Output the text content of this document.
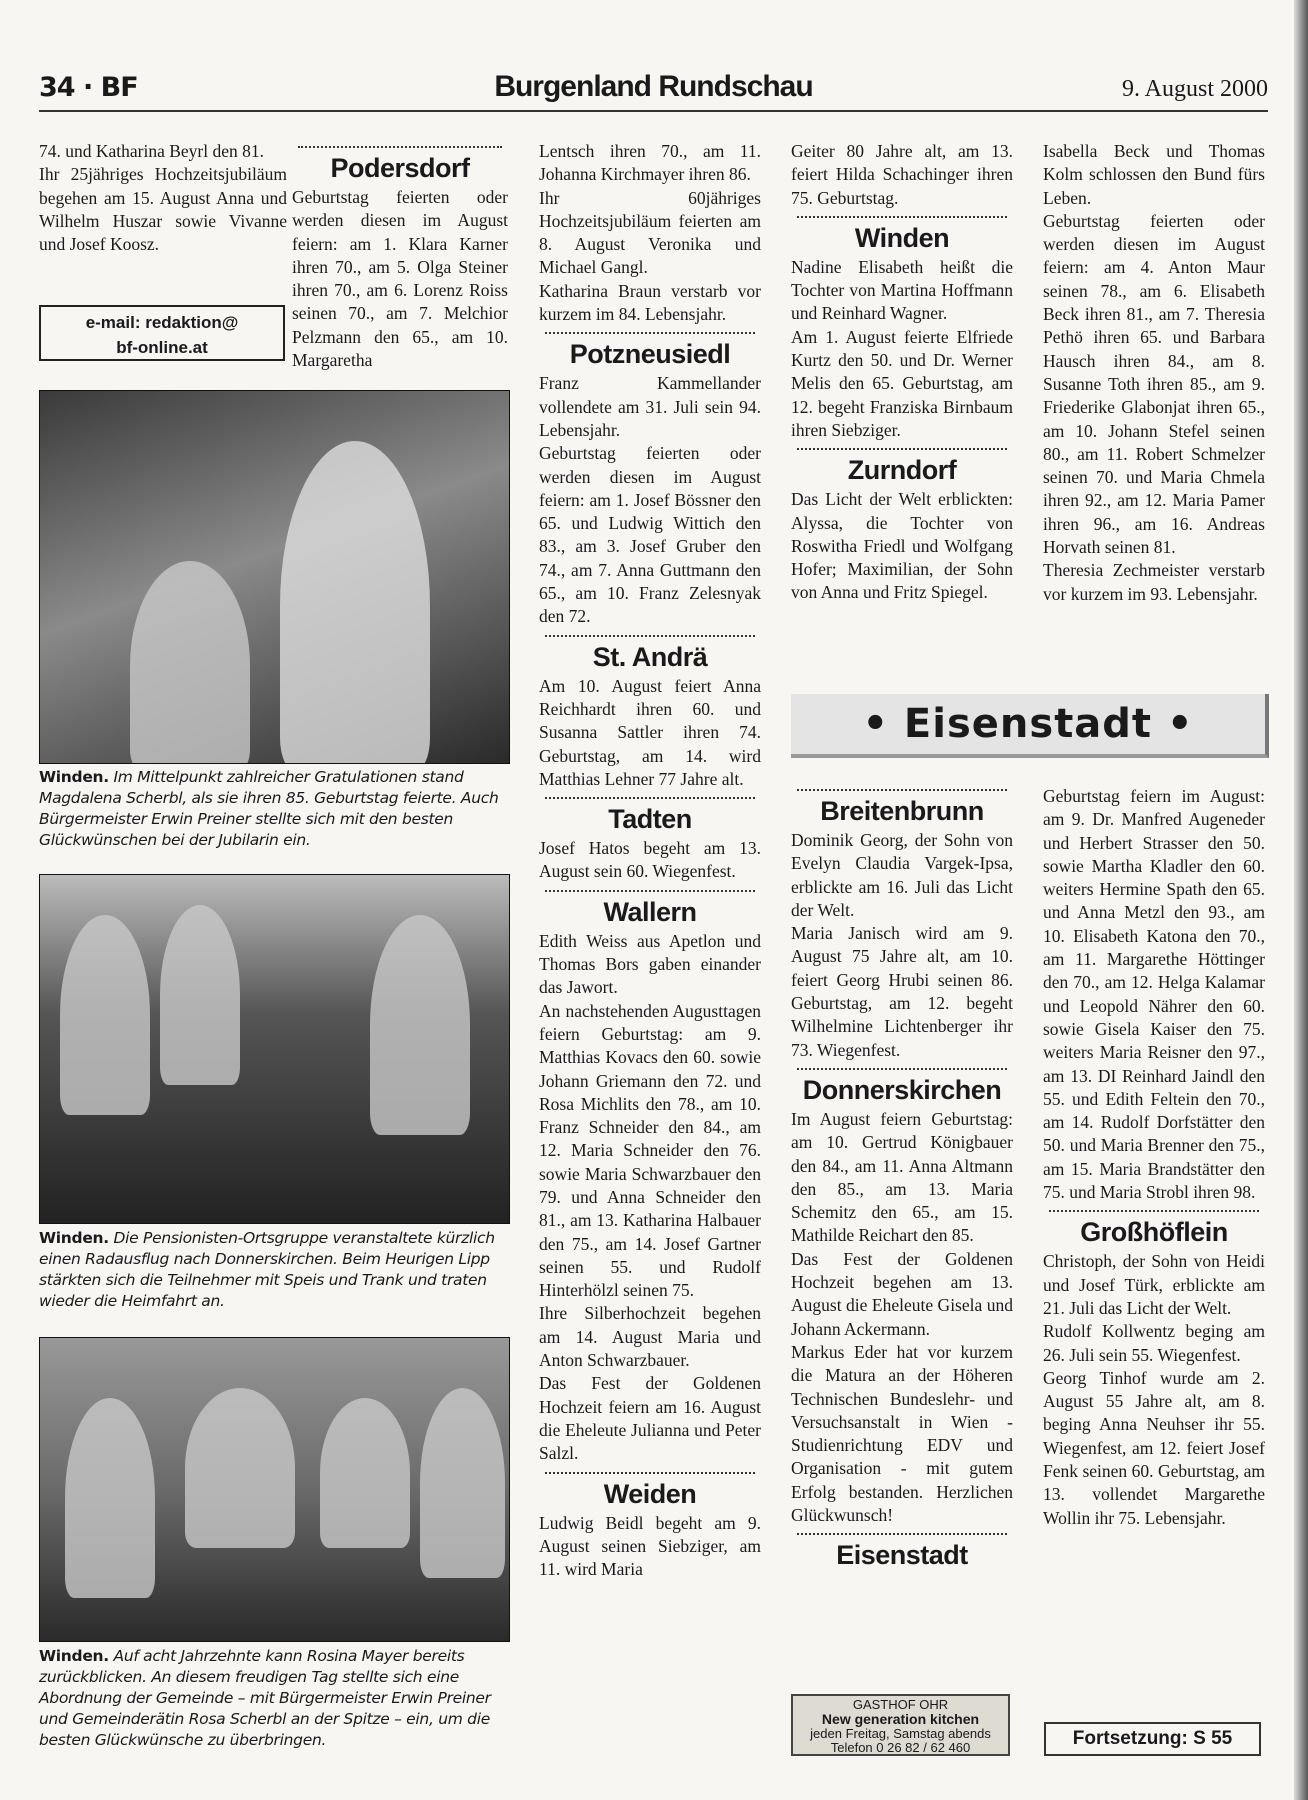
34 · BF	Burgenland Rundschau	9. August 2000

74. und Katharina Beyrl den 81.

Ihr 25jähriges Hochzeitsjubiläum begehen am 15. August Anna und Wilhelm Huszar sowie Vivanne und Josef Koosz.

e-mail: redaktion@
bf-online.at
Podersdorf

Geburtstag feierten oder werden diesen im August feiern: am 1. Klara Karner ihren 70., am 5. Olga Steiner ihren 70., am 6. Lorenz Roiss seinen 70., am 7. Melchior Pelzmann den 65., am 10. Margaretha

Winden. Im Mittelpunkt zahlreicher Gratulationen stand Magdalena Scherbl, als sie ihren 85. Geburtstag feierte. Auch Bürgermeister Erwin Preiner stellte sich mit den besten Glückwünschen bei der Jubilarin ein.
Winden. Die Pensionisten-Ortsgruppe veranstaltete kürzlich einen Radausflug nach Donnerskirchen. Beim Heurigen Lipp stärkten sich die Teilnehmer mit Speis und Trank und traten wieder die Heimfahrt an.
Winden. Auf acht Jahrzehnte kann Rosina Mayer bereits zurückblicken. An diesem freudigen Tag stellte sich eine Abordnung der Gemeinde – mit Bürgermeister Erwin Preiner und Gemeinderätin Rosa Scherbl an der Spitze – ein, um die besten Glückwünsche zu überbringen.

Lentsch ihren 70., am 11. Johanna Kirchmayer ihren 86.

Ihr 60jähriges Hochzeitsjubiläum feierten am 8. August Veronika und Michael Gangl.

Katharina Braun verstarb vor kurzem im 84. Lebensjahr.

Potzneusiedl

Franz Kammellander vollendete am 31. Juli sein 94. Lebensjahr.

Geburtstag feierten oder werden diesen im August feiern: am 1. Josef Bössner den 65. und Ludwig Wittich den 83., am 3. Josef Gruber den 74., am 7. Anna Guttmann den 65., am 10. Franz Zelesnyak den 72.

St. Andrä

Am 10. August feiert Anna Reichhardt ihren 60. und Susanna Sattler ihren 74. Geburtstag, am 14. wird Matthias Lehner 77 Jahre alt.

Tadten

Josef Hatos begeht am 13. August sein 60. Wiegenfest.

Wallern

Edith Weiss aus Apetlon und Thomas Bors gaben einander das Jawort.

An nachstehenden Augusttagen feiern Geburtstag: am 9. Matthias Kovacs den 60. sowie Johann Griemann den 72. und Rosa Michlits den 78., am 10. Franz Schneider den 84., am 12. Maria Schneider den 76. sowie Maria Schwarzbauer den 79. und Anna Schneider den 81., am 13. Katharina Halbauer den 75., am 14. Josef Gartner seinen 55. und Rudolf Hinterhölzl seinen 75.

Ihre Silberhochzeit begehen am 14. August Maria und Anton Schwarzbauer.

Das Fest der Goldenen Hochzeit feiern am 16. August die Eheleute Julianna und Peter Salzl.

Weiden

Ludwig Beidl begeht am 9. August seinen Siebziger, am 11. wird Maria

Geiter 80 Jahre alt, am 13. feiert Hilda Schachinger ihren 75. Geburtstag.

Winden

Nadine Elisabeth heißt die Tochter von Martina Hoffmann und Reinhard Wagner.

Am 1. August feierte Elfriede Kurtz den 50. und Dr. Werner Melis den 65. Geburtstag, am 12. begeht Franziska Birnbaum ihren Siebziger.

Zurndorf

Das Licht der Welt erblickten: Alyssa, die Tochter von Roswitha Friedl und Wolfgang Hofer; Maximilian, der Sohn von Anna und Fritz Spiegel.

Isabella Beck und Thomas Kolm schlossen den Bund fürs Leben.

Geburtstag feierten oder werden diesen im August feiern: am 4. Anton Maur seinen 78., am 6. Elisabeth Beck ihren 81., am 7. Theresia Pethö ihren 65. und Barbara Hausch ihren 84., am 8. Susanne Toth ihren 85., am 9. Friederike Glabonjat ihren 65., am 10. Johann Stefel seinen 80., am 11. Robert Schmelzer seinen 70. und Maria Chmela ihren 92., am 12. Maria Pamer ihren 96., am 16. Andreas Horvath seinen 81.

Theresia Zechmeister verstarb vor kurzem im 93. Lebensjahr.

• Eisenstadt •
Breitenbrunn

Dominik Georg, der Sohn von Evelyn Claudia Vargek-Ipsa, erblickte am 16. Juli das Licht der Welt.

Maria Janisch wird am 9. August 75 Jahre alt, am 10. feiert Georg Hrubi seinen 86. Geburtstag, am 12. begeht Wilhelmine Lichtenberger ihr 73. Wiegenfest.

Donnerskirchen

Im August feiern Geburtstag: am 10. Gertrud Königbauer den 84., am 11. Anna Altmann den 85., am 13. Maria Schemitz den 65., am 15. Mathilde Reichart den 85.

Das Fest der Goldenen Hochzeit begehen am 13. August die Eheleute Gisela und Johann Ackermann.

Markus Eder hat vor kurzem die Matura an der Höheren Technischen Bundeslehr- und Versuchsanstalt in Wien - Studienrichtung EDV und Organisation - mit gutem Erfolg bestanden. Herzlichen Glückwunsch!

Eisenstadt

Geburtstag feiern im August: am 9. Dr. Manfred Augeneder und Herbert Strasser den 50. sowie Martha Kladler den 60. weiters Hermine Spath den 65. und Anna Metzl den 93., am 10. Elisabeth Katona den 70., am 11. Margarethe Höttinger den 70., am 12. Helga Kalamar und Leopold Nährer den 60. sowie Gisela Kaiser den 75. weiters Maria Reisner den 97., am 13. DI Reinhard Jaindl den 55. und Edith Feltein den 70., am 14. Rudolf Dorfstätter den 50. und Maria Brenner den 75., am 15. Maria Brandstätter den 75. und Maria Strobl ihren 98.

Großhöflein

Christoph, der Sohn von Heidi und Josef Türk, erblickte am 21. Juli das Licht der Welt.

Rudolf Kollwentz beging am 26. Juli sein 55. Wiegenfest.

Georg Tinhof wurde am 2. August 55 Jahre alt, am 8. beging Anna Neuhser ihr 55. Wiegenfest, am 12. feiert Josef Fenk seinen 60. Geburtstag, am 13. vollendet Margarethe Wollin ihr 75. Lebensjahr.

GASTHOF OHR
New generation kitchen
jeden Freitag, Samstag abends
Telefon 0 26 82 / 62 460	Fortsetzung: S 55
